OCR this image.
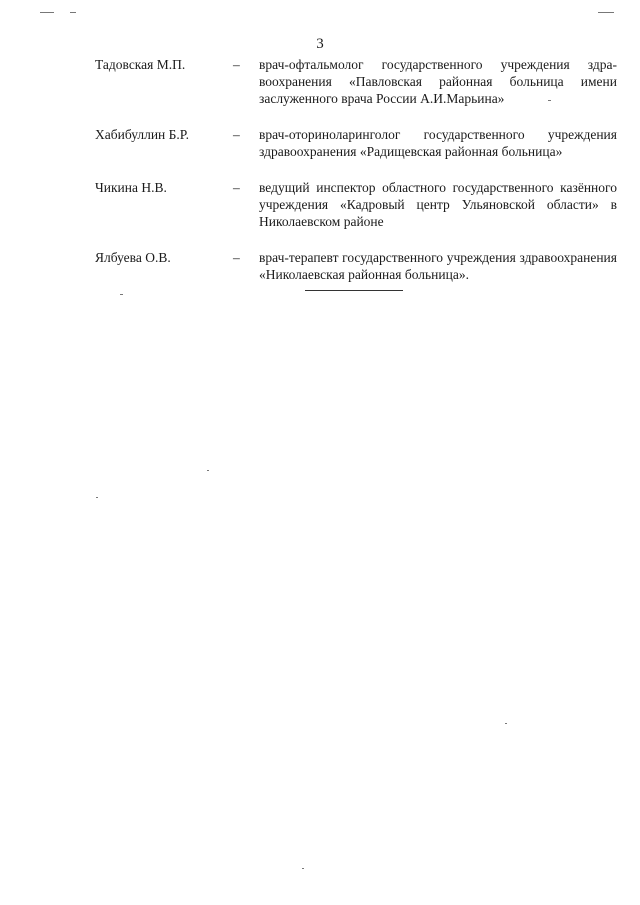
3
Тадовская М.П.	–	врач-офтальмолог государственного учреждения здравоохранения «Павловская районная больница имени заслуженного врача России А.И.Марьина»
Хабибуллин Б.Р.	–	врач-оториноларинголог государственного учреждения здравоохранения «Радищевская районная больница»
Чикина Н.В.	–	ведущий инспектор областного государственного казённого учреждения «Кадровый центр Ульяновской области» в Николаевском районе
Ялбуева О.В.	–	врач-терапевт государственного учреждения здравоохранения «Николаевская районная больница».
